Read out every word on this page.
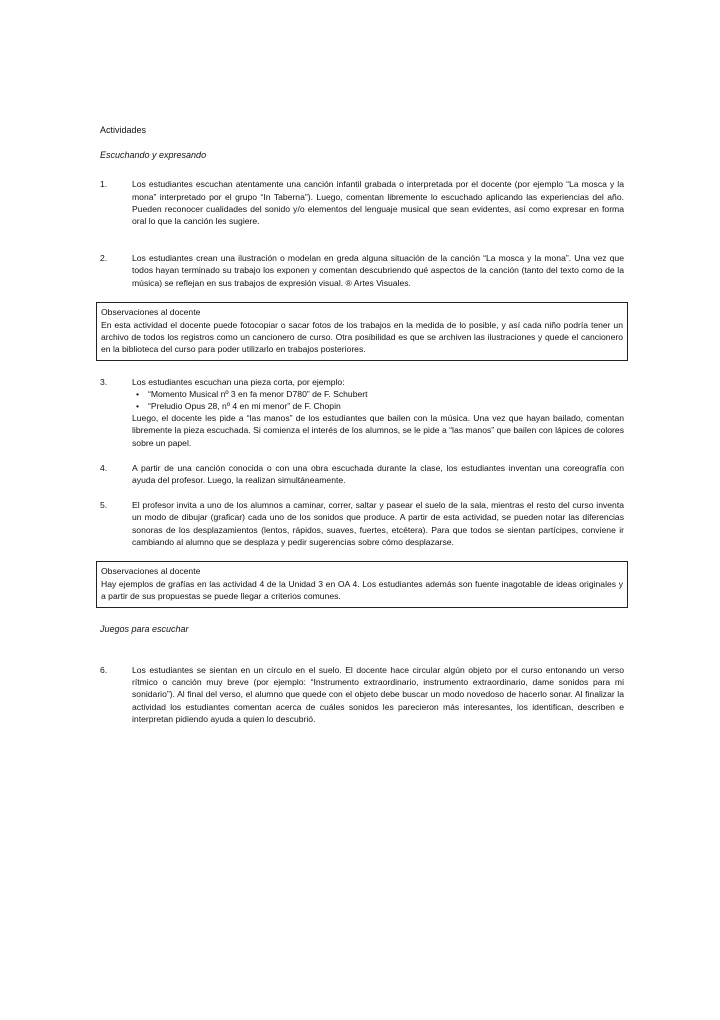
Actividades
Escuchando y expresando
1.	Los estudiantes escuchan atentamente una canción infantil grabada o interpretada por el docente (por ejemplo “La mosca y la mona” interpretado por el grupo “In Taberna”). Luego, comentan libremente lo escuchado aplicando las experiencias del año. Pueden reconocer cualidades del sonido y/o elementos del lenguaje musical que sean evidentes, así como expresar en forma oral lo que la canción les sugiere.
2.	Los estudiantes crean una ilustración o modelan en greda alguna situación de la canción “La mosca y la mona”. Una vez que todos hayan terminado su trabajo los exponen y comentan descubriendo qué aspectos de la canción (tanto del texto como de la música) se reflejan en sus trabajos de expresión visual. ® Artes Visuales.
Observaciones al docente
En esta actividad el docente puede fotocopiar o sacar fotos de los trabajos en la medida de lo posible, y así cada niño podría tener un archivo de todos los registros como un cancionero de curso. Otra posibilidad es que se archiven las ilustraciones y quede el cancionero en la biblioteca del curso para poder utilizarlo en trabajos posteriores.
3.	Los estudiantes escuchan una pieza corta, por ejemplo:
•	“Momento Musical nº 3 en fa menor D780” de F. Schubert
•	“Preludio Opus 28, nº 4 en mi menor” de F. Chopin
Luego, el docente les pide a “las manos” de los estudiantes que bailen con la música. Una vez que hayan bailado, comentan libremente la pieza escuchada. Si comienza el interés de los alumnos, se le pide a “las manos” que bailen con lápices de colores sobre un papel.
4.	A partir de una canción conocida o con una obra escuchada durante la clase, los estudiantes inventan una coreografía con ayuda del profesor. Luego, la realizan simultáneamente.
5.	El profesor invita a uno de los alumnos a caminar, correr, saltar y pasear el suelo de la sala, mientras el resto del curso inventa un modo de dibujar (graficar) cada uno de los sonidos que produce. A partir de esta actividad, se pueden notar las diferencias sonoras de los desplazamientos (lentos, rápidos, suaves, fuertes, etcétera). Para que todos se sientan partícipes, conviene ir cambiando al alumno que se desplaza y pedir sugerencias sobre cómo desplazarse.
Observaciones al docente
Hay ejemplos de grafías en las actividad 4 de la Unidad 3 en OA 4. Los estudiantes además son fuente inagotable de ideas originales y a partir de sus propuestas se puede llegar a criterios comunes.
Juegos para escuchar
6.	Los estudiantes se sientan en un círculo en el suelo. El docente hace circular algún objeto por el curso entonando un verso rítmico o canción muy breve (por ejemplo: “Instrumento extraordinario, instrumento extraordinario, dame sonidos para mi sonidario”). Al final del verso, el alumno que quede con el objeto debe buscar un modo novedoso de hacerlo sonar. Al finalizar la actividad los estudiantes comentan acerca de cuáles sonidos les parecieron más interesantes, los identifican, describen e interpretan pidiendo ayuda a quien lo descubrió.
